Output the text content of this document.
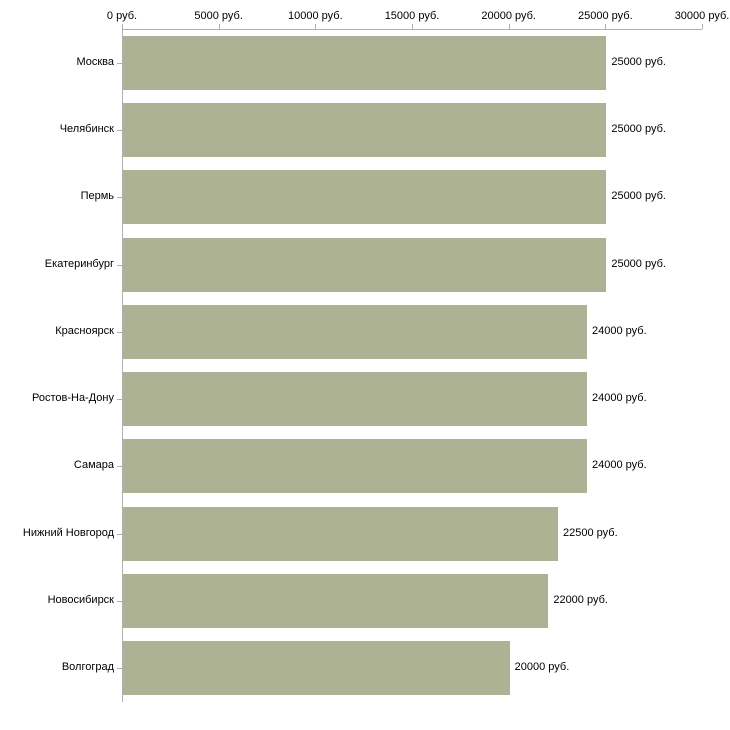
0 руб.	5000 руб.	10000 руб.	15000 руб.	20000 руб.	25000 руб.	30000 руб.
Москва	25000 руб.
Челябинск	25000 руб.
Пермь	25000 руб.
Екатеринбург	25000 руб.
Красноярск	24000 руб.
Ростов-На-Дону	24000 руб.
Самара	24000 руб.
Нижний Новгород	22500 руб.
Новосибирск	22000 руб.
Волгоград	20000 руб.
